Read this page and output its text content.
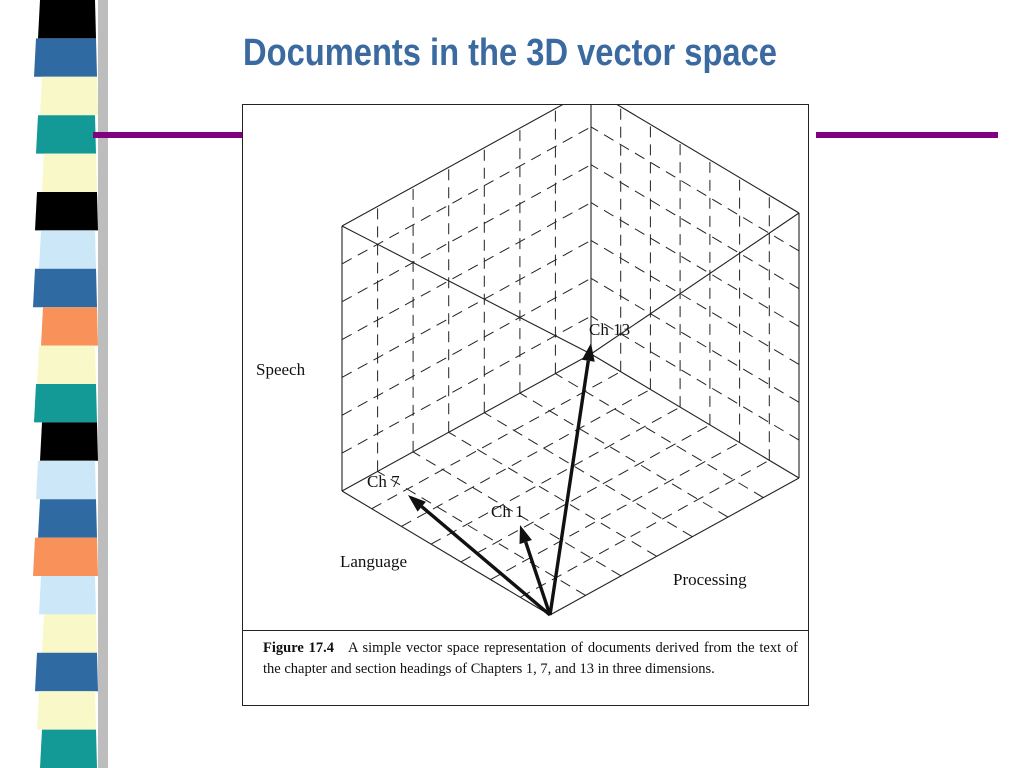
Documents in the 3D vector space
Speech
Language
Processing
Ch 7
Ch 1
Ch 13
Figure 17.4 A simple vector space representation of documents derived from the text of the chapter and section headings of Chapters 1, 7, and 13 in three dimensions.
